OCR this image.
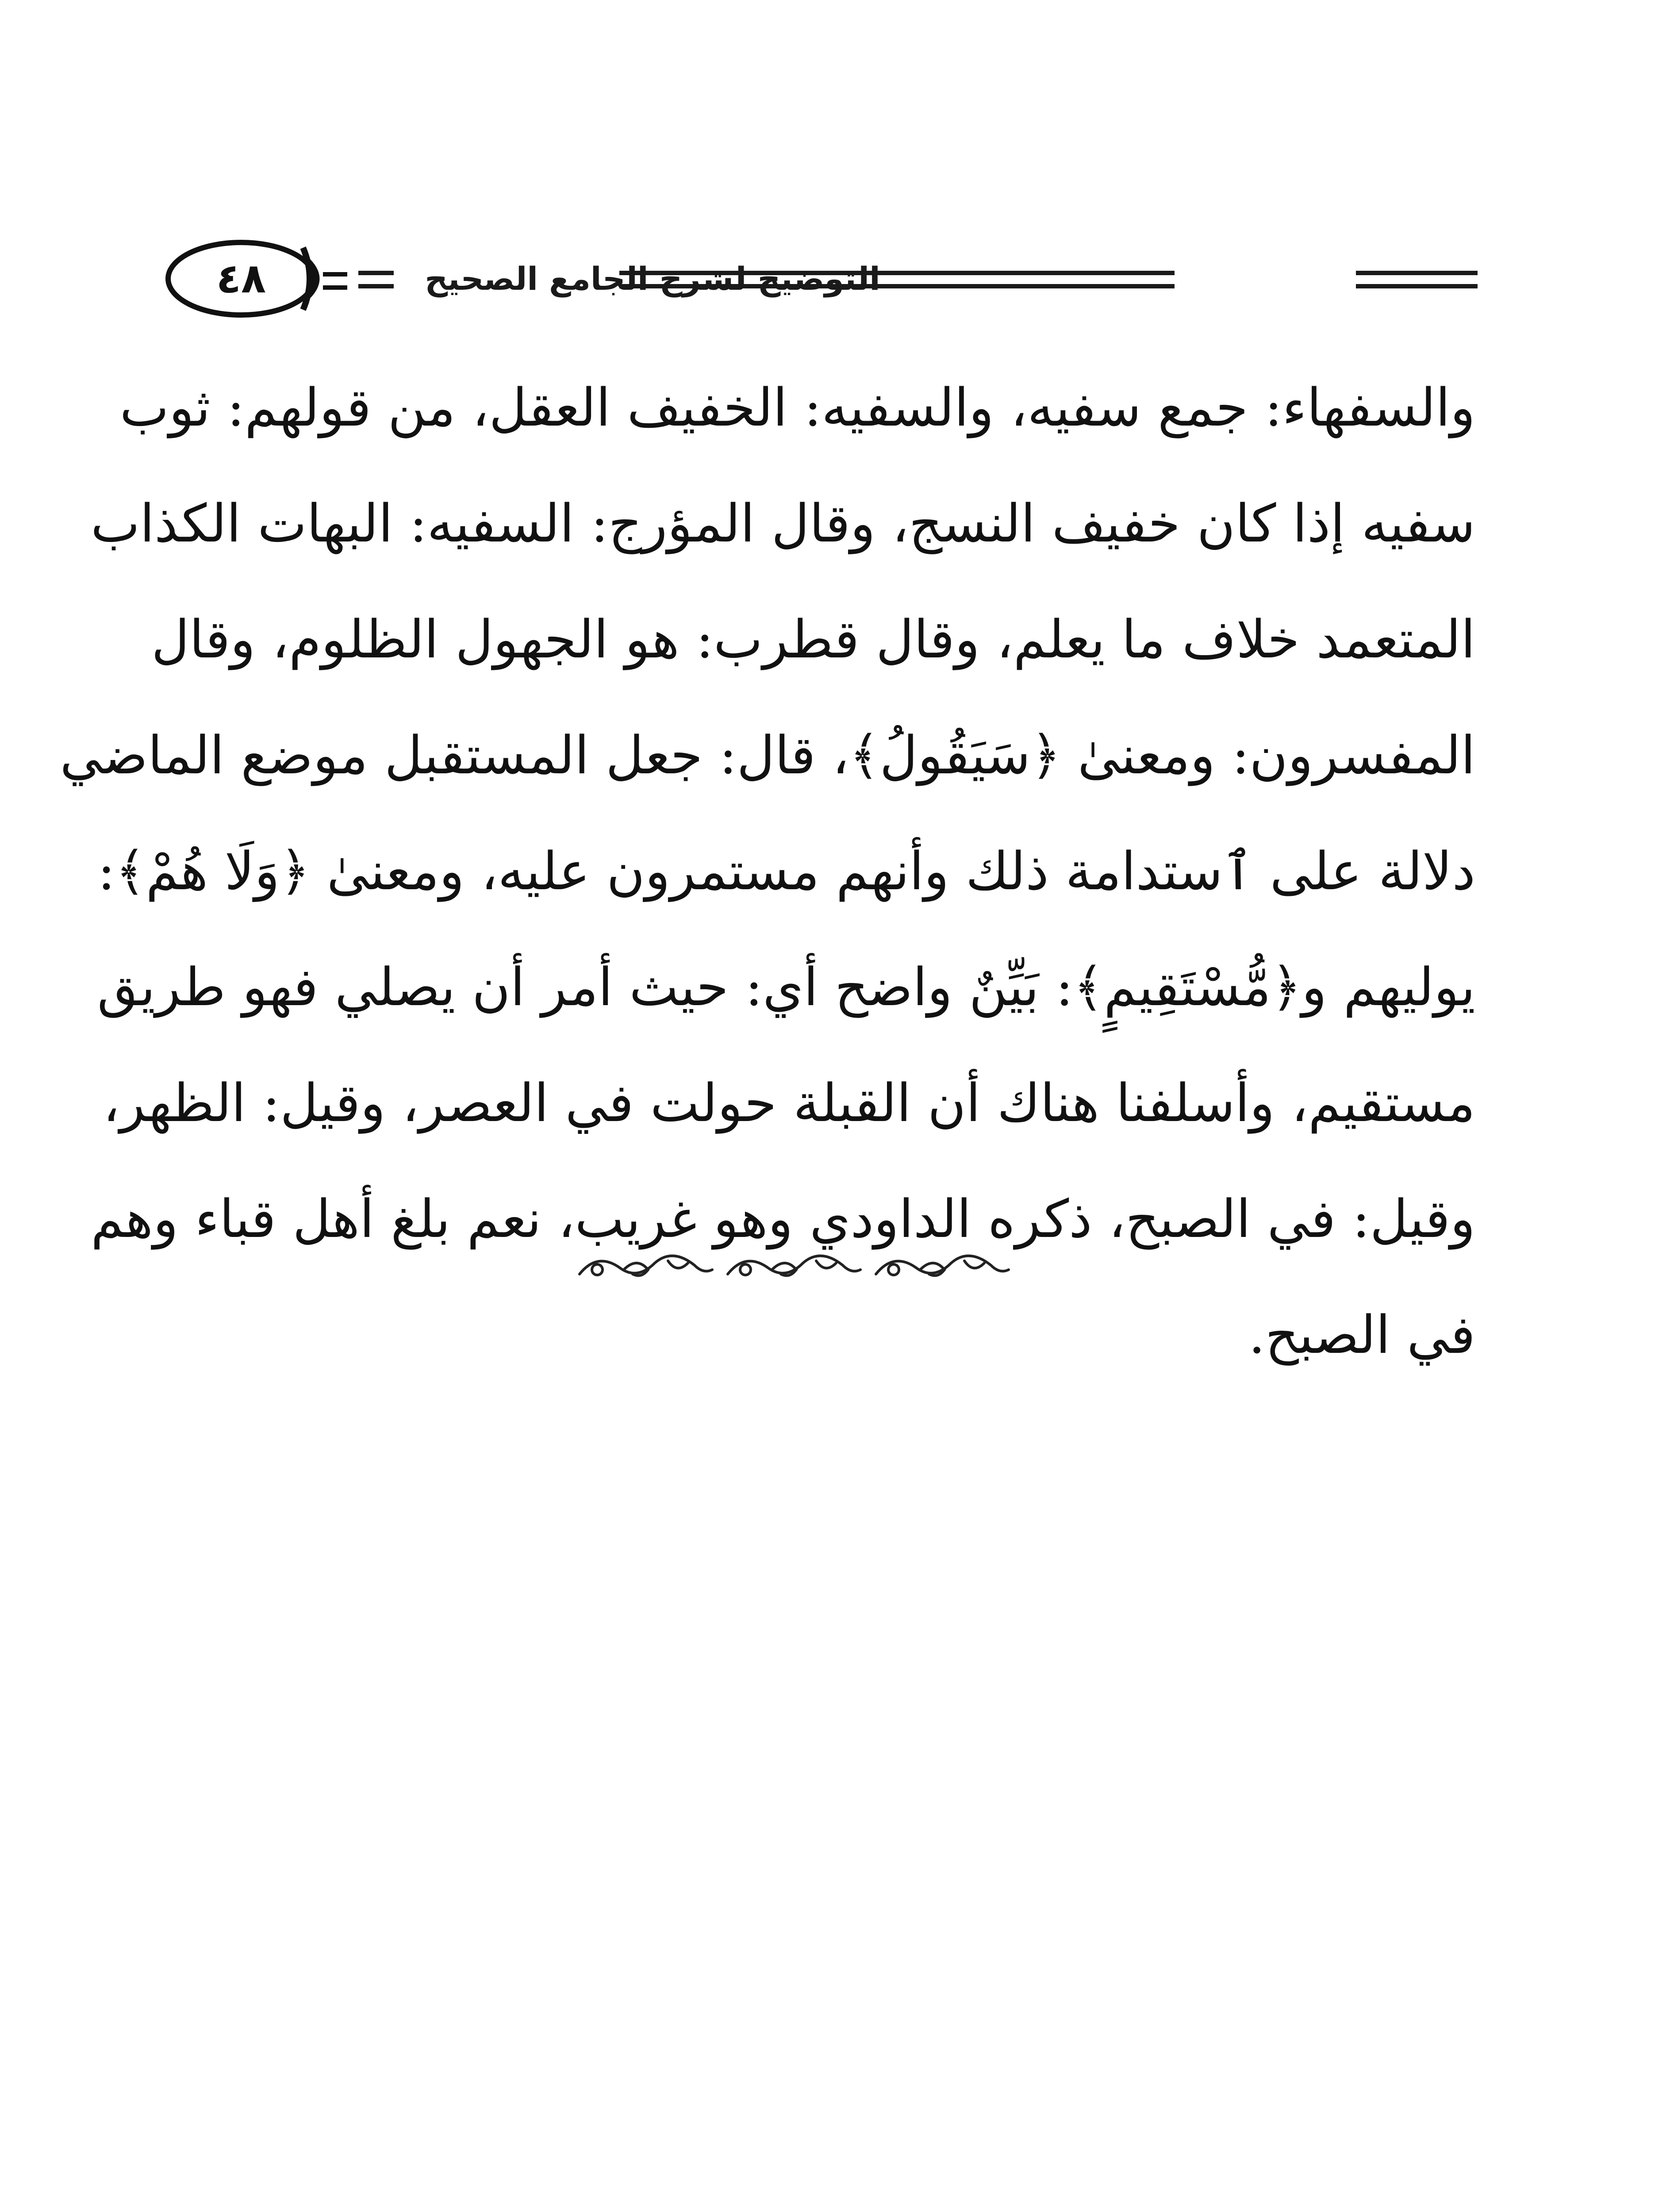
٤٨	التوضيح لشرح الجامع الصحيح
والسفهاء: جمع سفيه، والسفيه: الخفيف العقل، من قولهم: ثوب
سفيه إذا كان خفيف النسج، وقال المؤرج: السفيه: البهات الكذاب
المتعمد خلاف ما يعلم، وقال قطرب: هو الجهول الظلوم، وقال
المفسرون: ومعنىٰ ﴿سَيَقُولُ﴾، قال: جعل المستقبل موضع الماضي
دلالة على ٱستدامة ذلك وأنهم مستمرون عليه، ومعنىٰ ﴿وَلَا هُمْ﴾:
يوليهم و﴿مُّسْتَقِيمٍ﴾: بَيِّنٌ واضح أي: حيث أمر أن يصلي فهو طريق
مستقيم، وأسلفنا هناك أن القبلة حولت في العصر، وقيل: الظهر،
وقيل: في الصبح، ذكره الداودي وهو غريب، نعم بلغ أهل قباء وهم
في الصبح.
